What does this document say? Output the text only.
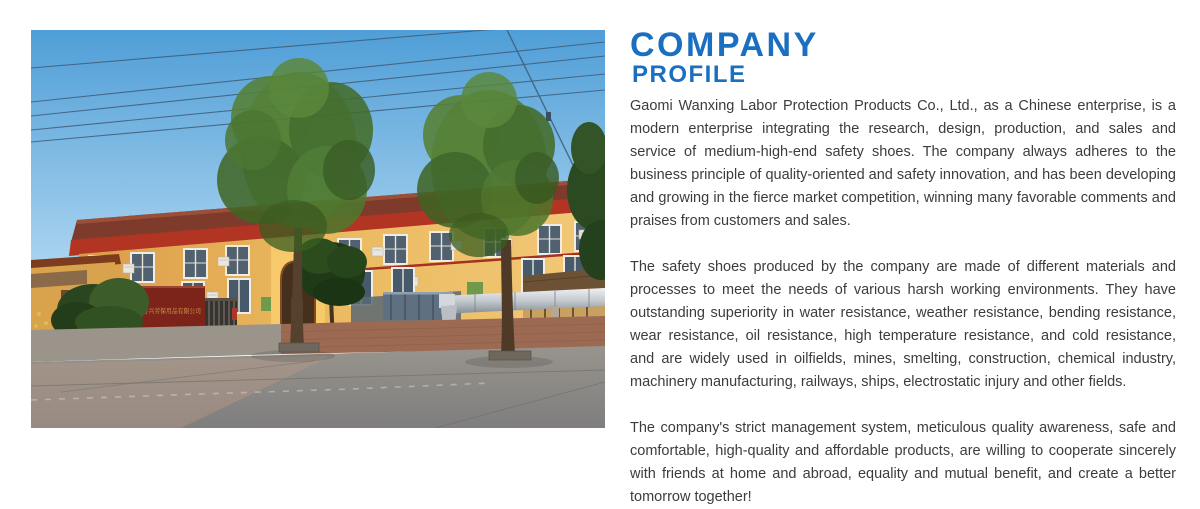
高密万兴劳保用品有限公司
COMPANY
PROFILE

Gaomi Wanxing Labor Protection Products Co., Ltd., as a Chinese enterprise, is a modern enterprise integrating the research, design, production, and sales and service of medium-high-end safety shoes. The company always adheres to the business principle of quality-oriented and safety innovation, and has been developing and growing in the fierce market competition, winning many favorable comments and praises from customers and sales.

The safety shoes produced by the company are made of different materials and processes to meet the needs of various harsh working environments. They have outstanding superiority in water resistance, weather resistance, bending resistance, wear resistance, oil resistance, high temperature resistance, and cold resistance, and are widely used in oilfields, mines, smelting, construction, chemical industry, machinery manufacturing, railways, ships, electrostatic injury and other fields.

The company's strict management system, meticulous quality awareness, safe and comfortable, high-quality and affordable products, are willing to cooperate sincerely with friends at home and abroad, equality and mutual benefit, and create a better tomorrow together!
